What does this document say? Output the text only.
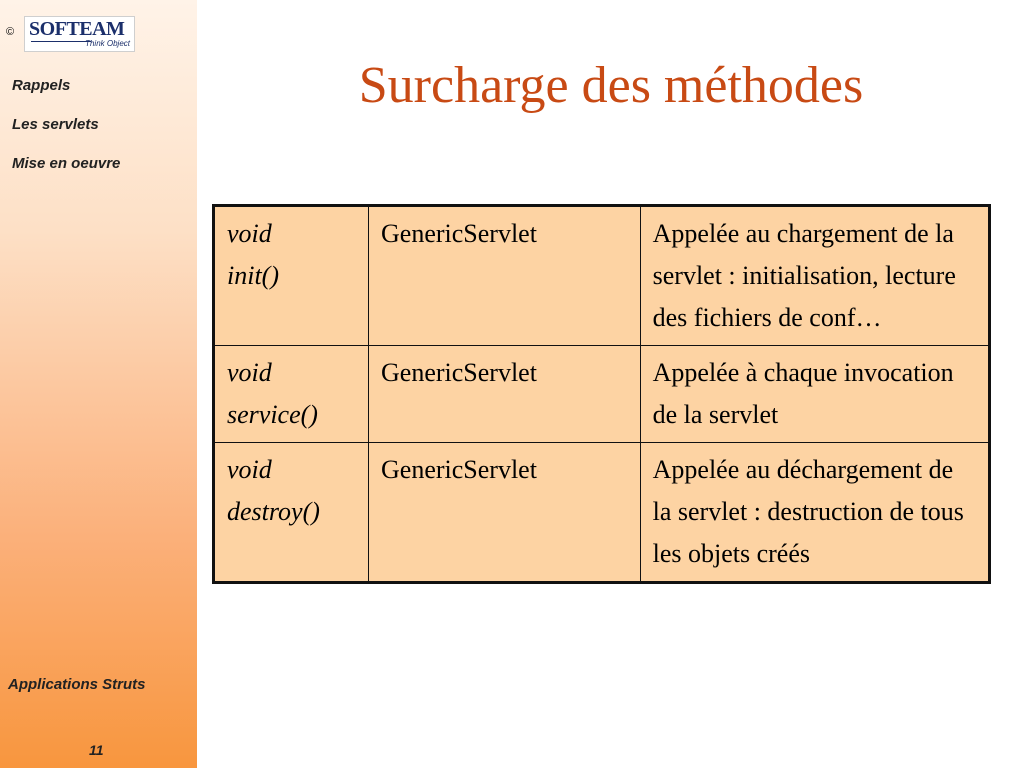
© SOFTEAM
Think Object
Rappels
Les servlets
Mise en oeuvre
Applications Struts
11
Surcharge des méthodes
void
init()	GenericServlet	Appelée au chargement de la servlet : initialisation, lecture des fichiers de conf…
void
service()	GenericServlet	Appelée à chaque invocation de la servlet
void
destroy()	GenericServlet	Appelée au déchargement de la servlet : destruction de tous les objets créés
